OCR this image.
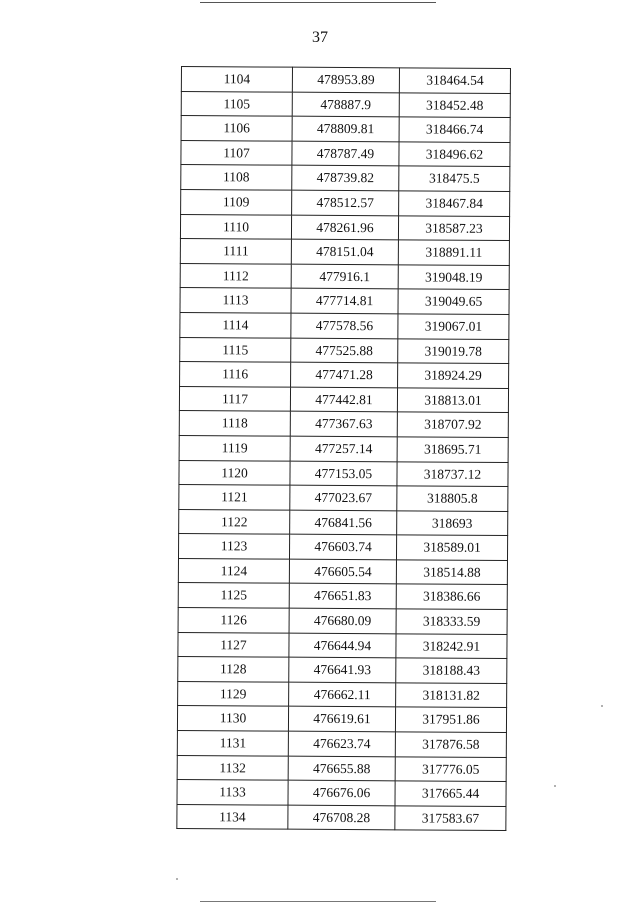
37
1104	478953.89	318464.54
1105	478887.9	318452.48
1106	478809.81	318466.74
1107	478787.49	318496.62
1108	478739.82	318475.5
1109	478512.57	318467.84
1110	478261.96	318587.23
1111	478151.04	318891.11
1112	477916.1	319048.19
1113	477714.81	319049.65
1114	477578.56	319067.01
1115	477525.88	319019.78
1116	477471.28	318924.29
1117	477442.81	318813.01
1118	477367.63	318707.92
1119	477257.14	318695.71
1120	477153.05	318737.12
1121	477023.67	318805.8
1122	476841.56	318693
1123	476603.74	318589.01
1124	476605.54	318514.88
1125	476651.83	318386.66
1126	476680.09	318333.59
1127	476644.94	318242.91
1128	476641.93	318188.43
1129	476662.11	318131.82
1130	476619.61	317951.86
1131	476623.74	317876.58
1132	476655.88	317776.05
1133	476676.06	317665.44
1134	476708.28	317583.67
